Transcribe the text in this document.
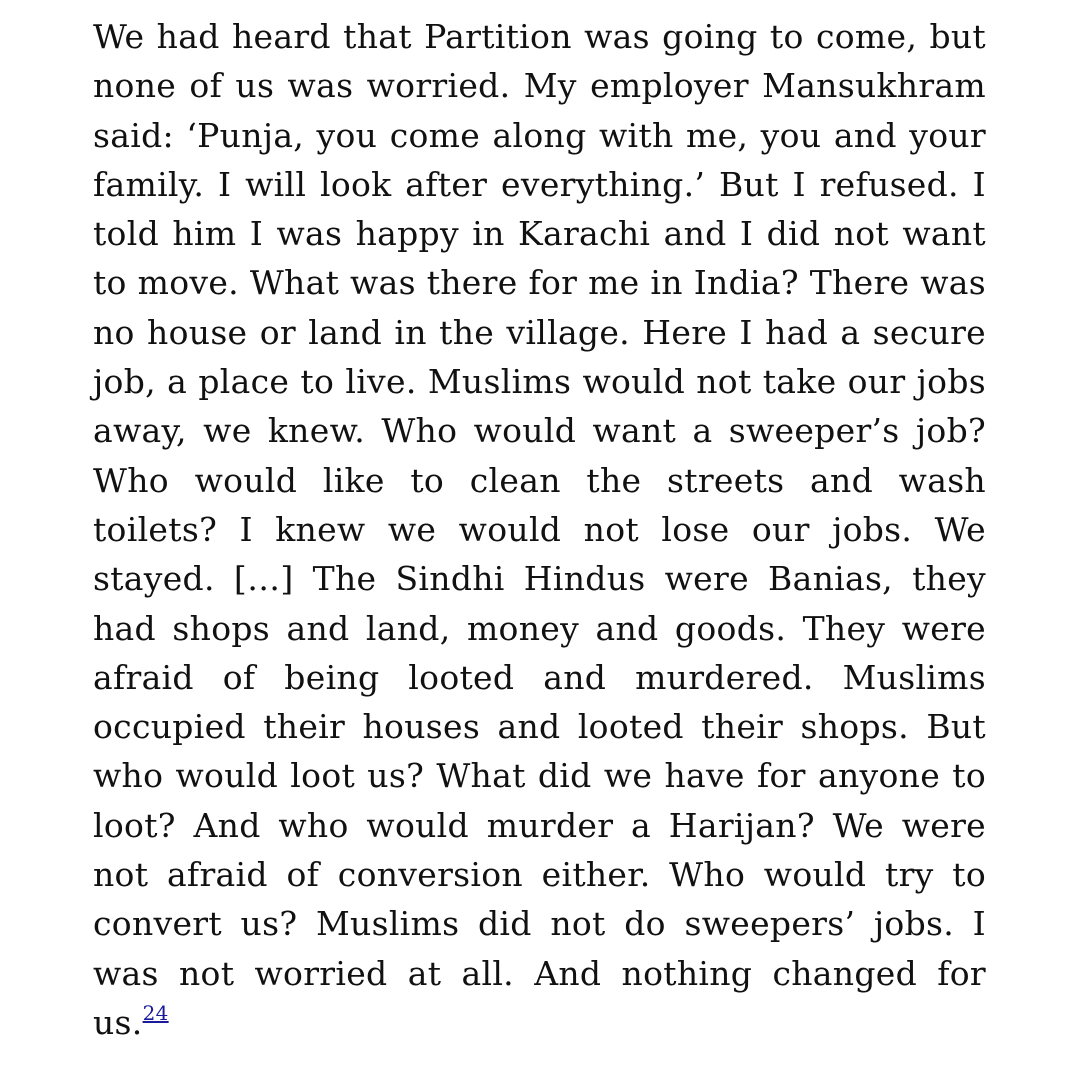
We had heard that Partition was going to come, but none of us was worried. My employer Mansukhram said: ‘Punja, you come along with me, you and your family. I will look after everything.’ But I refused. I told him I was happy in Karachi and I did not want to move. What was there for me in India? There was no house or land in the village. Here I had a secure job, a place to live. Muslims would not take our jobs away, we knew. Who would want a sweeper’s job? Who would like to clean the streets and wash toilets? I knew we would not lose our jobs. We stayed. […] The Sindhi Hindus were Banias, they had shops and land, money and goods. They were afraid of being looted and murdered. Muslims occupied their houses and looted their shops. But who would loot us? What did we have for anyone to loot? And who would murder a Harijan? We were not afraid of conversion either. Who would try to convert us? Muslims did not do sweepers’ jobs. I was not worried at all. And nothing changed for us.$^{24}$
